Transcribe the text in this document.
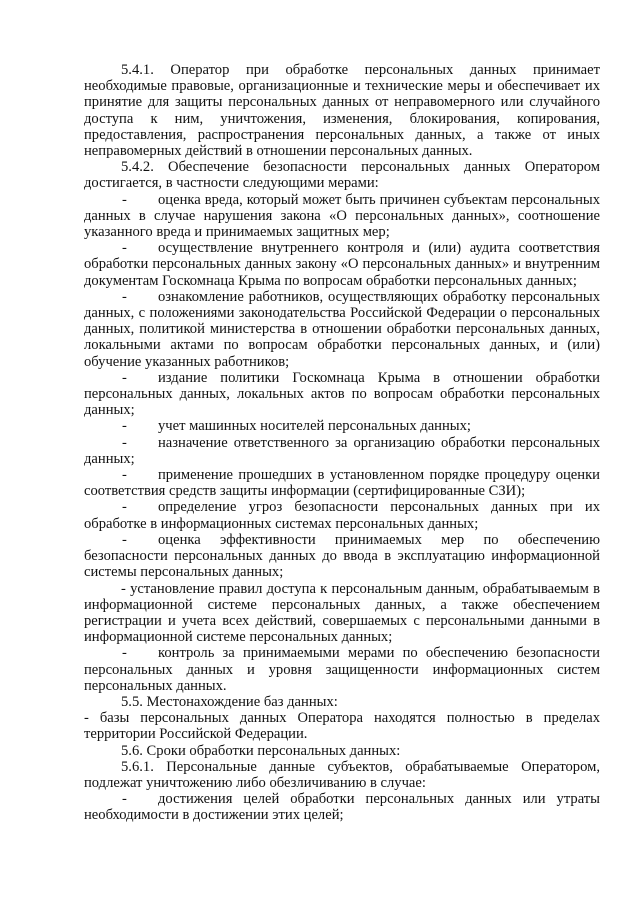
5.4.1. Оператор при обработке персональных данных принимает необходимые правовые, организационные и технические меры и обеспечивает их принятие для защиты персональных данных от неправомерного или случайного доступа к ним, уничтожения, изменения, блокирования, копирования, предоставления, распространения персональных данных, а также от иных неправомерных действий в отношении персональных данных.

5.4.2. Обеспечение безопасности персональных данных Оператором достигается, в частности следующими мерами:

- оценка вреда, который может быть причинен субъектам персональных данных в случае нарушения закона «О персональных данных», соотношение указанного вреда и принимаемых защитных мер;

- осуществление внутреннего контроля и (или) аудита соответствия обработки персональных данных закону «О персональных данных» и внутренним документам Госкомнаца Крыма по вопросам обработки персональных данных;

- ознакомление работников, осуществляющих обработку персональных данных, с положениями законодательства Российской Федерации о персональных данных, политикой министерства в отношении обработки персональных данных, локальными актами по вопросам обработки персональных данных, и (или) обучение указанных работников;

- издание политики Госкомнаца Крыма в отношении обработки персональных данных, локальных актов по вопросам обработки персональных данных;

- учет машинных носителей персональных данных;

- назначение ответственного за организацию обработки персональных данных;

- применение прошедших в установленном порядке процедуру оценки соответствия средств защиты информации (сертифицированные СЗИ);

- определение угроз безопасности персональных данных при их обработке в информационных системах персональных данных;

- оценка эффективности принимаемых мер по обеспечению безопасности персональных данных до ввода в эксплуатацию информационной системы персональных данных;

- установление правил доступа к персональным данным, обрабатываемым в информационной системе персональных данных, а также обеспечением регистрации и учета всех действий, совершаемых с персональными данными в информационной системе персональных данных;

- контроль за принимаемыми мерами по обеспечению безопасности персональных данных и уровня защищенности информационных систем персональных данных.

5.5. Местонахождение баз данных:

- базы персональных данных Оператора находятся полностью в пределах территории Российской Федерации.

5.6. Сроки обработки персональных данных:

5.6.1. Персональные данные субъектов, обрабатываемые Оператором, подлежат уничтожению либо обезличиванию в случае:

- достижения целей обработки персональных данных или утраты необходимости в достижении этих целей;
